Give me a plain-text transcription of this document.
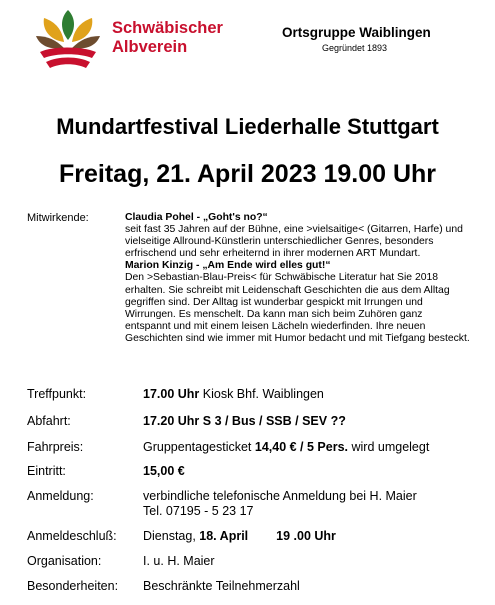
Schwäbischer
Albverein
Ortsgruppe Waiblingen
Gegründet 1893
Mundartfestival Liederhalle Stuttgart
Freitag, 21. April 2023 19.00 Uhr
Mitwirkende:	Claudia Pohel - „Goht's no?“

seit fast 35 Jahren auf der Bühne, eine >vielsaitige< (Gitarren, Harfe) und vielseitige Allround-Künstlerin unterschiedlicher Genres, besonders erfrischend und sehr erheiternd in ihrer modernen ART Mundart.

Marion Kinzig - „Am Ende wird elles gut!“

Den >Sebastian-Blau-Preis< für Schwäbische Literatur hat Sie 2018 erhalten. Sie schreibt mit Leidenschaft Geschichten die aus dem Alltag gegriffen sind. Der Alltag ist wunderbar gespickt mit Irrungen und Wirrungen. Es menschelt. Da kann man sich beim Zuhören ganz entspannt und mit einem leisen Lächeln wiederfinden. Ihre neuen Geschichten sind wie immer mit Humor bedacht und mit Tiefgang besteckt.

Treffpunkt:	17.00 Uhr Kiosk Bhf. Waiblingen
Abfahrt:	17.20 Uhr S 3 / Bus / SSB / SEV ??
Fahrpreis:	Gruppentagesticket 14,40 € / 5 Pers. wird umgelegt
Eintritt:	15,00 €
Anmeldung:	verbindliche telefonische Anmeldung bei H. Maier
Tel. 07195 - 5 23 17
Anmeldeschluß: Dienstag, 18. April 19 .00 Uhr
Organisation:	I. u. H. Maier
Besonderheiten: Beschränkte Teilnehmerzahl
